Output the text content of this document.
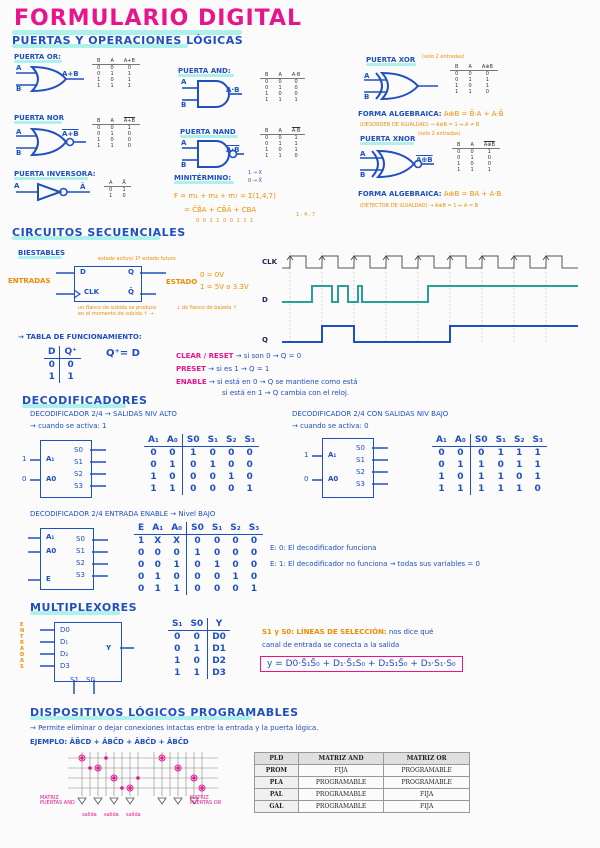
FORMULARIO DIGITAL
PUERTAS Y OPERACIONES LÓGICAS
PUERTA OR:
A
B
A+B
B	A	A+B
0	0	0
0	1	1
1	0	1
1	1	1
PUERTA AND:
A
B
A·B
B	A	A·B
0	0	0
0	1	0
1	0	0
1	1	1
PUERTA XOR (solo 2 entradas)
A
B
B	A	A⊕B
0	0	0
0	1	1
1	0	1
1	1	0
FORMA ALGEBRAICA: A⊕B = B̄·A + A·B̄
(DESORDEN DE IGUALDAD) → A⊕B = 1 ⇔ A ≠ B
PUERTA NOR
A
B
A+B
B	A	A+B
0	0	1
0	1	0
1	0	0
1	1	0
PUERTA NAND
A
B
A·B
B	A	A·B
0	0	1
0	1	1
1	0	1
1	1	0
PUERTA XNOR
(solo 2 entradas)
A
B
A⊕B
B	A	A⊕B
0	0	1
0	1	0
1	0	0
1	1	1
FORMA ALGEBRAICA: A⊕B = BA + A·B
(DETECTOR DE IGUALDAD) → A⊕B = 1 ⇔ A = B
PUERTA INVERSORA:
A	Ā	A	Ā
0	1
1	0
MINITÉRMINO:
1 → X
0 → X̄
F = m₁ + m₄ + m₇ = Σ(1,4,7)
= C̄B̄A + CB̄Ā + CBA
0 0 1 1 0 0 1 1 1
1 , 4 , 7
CIRCUITOS SECUENCIALES
BIESTABLES
estado activo/ 1º estado futuro
D	Q
CLK	Q̄
ENTRADAS	ESTADO
0 = 0V
1 = 5V o 3.3V
un flanco de subida se produce en el momento de subida ↑ →
↓ de flanco de bajada ↑
CLK
D
Q
→ TABLA DE FUNCIONAMIENTO:
D	Q⁺
0	0
1	1
Q⁺= D	CLEAR / RESET → si son 0 → Q = 0
PRESET → si es 1 → Q = 1
ENABLE → si está en 0 → Q se mantiene como está
si está en 1 → Q cambia con el reloj.
DECODIFICADORES
DECODIFICADOR 2/4 → SALIDAS NIV ALTO
→ cuando se activa: 1
1
0
A₁
A0
S0
S1
S2
S3
A₁	A₀	S0	S₁	S₂	S₃
0	0	1	0	0	0
0	1	0	1	0	0
1	0	0	0	1	0
1	1	0	0	0	1
DECODIFICADOR 2/4 CON SALIDAS NIV BAJO
→ cuando se activa: 0
1
0
A₁
A0
S0
S1
S2
S3
A₁	A₀	S0	S₁	S₂	S₃
0	0	0	1	1	1
0	1	1	0	1	1
1	0	1	1	0	1
1	1	1	1	1	0
DECODIFICADOR 2/4 ENTRADA ENABLE → Nivel BAJO
A₁
A0
E
S0
S1
S2
S3
E	A₁	A₀	S0	S₁	S₂	S₃
1	X	X	0	0	0	0
0	0	0	1	0	0	0
0	0	1	0	1	0	0
0	1	0	0	0	1	0
0	1	1	0	0	0	1
E: 0: El decodificador funciona
E: 1: El decodificador no funciona → todas sus variables = 0
MULTIPLEXORES
ENTRADAS
D0
D₁
D₂
D3
Y
S1 S0
S₁	S0	Y
0	0	D0
0	1	D1
1	0	D2
1	1	D3
S1 y S0: LÍNEAS DE SELECCIÓN: nos dice qué
canal de entrada se conecta a la salida
y = D0·S̄₁S̄₀ + D₁·S̄₁S₀ + D₂S₁S̄₀ + D₃·S₁·S₀
DISPOSITIVOS LÓGICOS PROGRAMABLES
→ Permite eliminar o dejar conexiones intactas entre la entrada y la puerta lógica.
EJEMPLO: ĀB̄CD + ĀBC̄D + ĀBC̄D + ĀBC̄D
MATRIZ PUERTAS AND
MATRIZ PUERTAS OR
salida salida salida
PLD	MATRIZ AND	MATRIZ OR
PROM	FIJA	PROGRAMABLE
PLA	PROGRAMABLE	PROGRAMABLE
PAL	PROGRAMABLE	FIJA
GAL	PROGRAMABLE	FIJA
